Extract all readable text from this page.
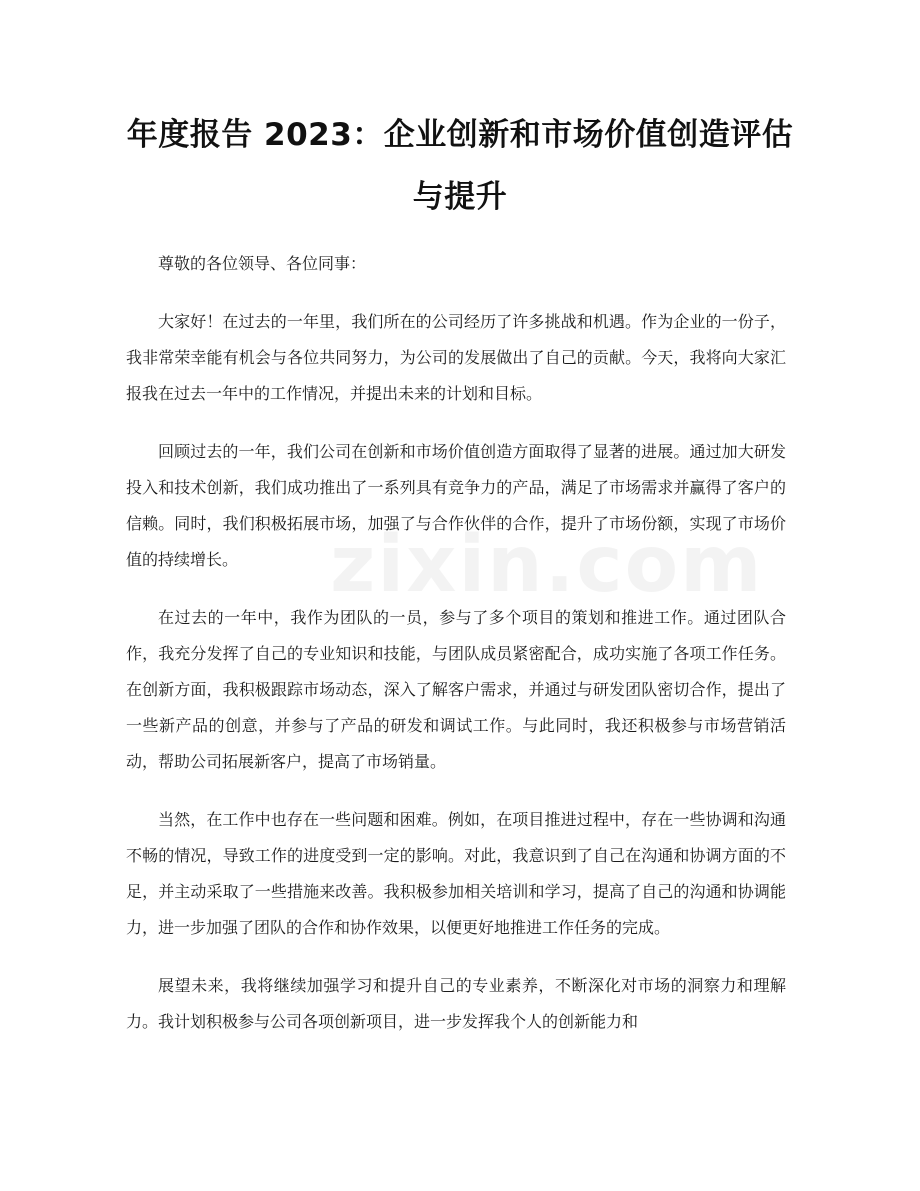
年度报告 2023：企业创新和市场价值创造评估与提升

尊敬的各位领导、各位同事：

大家好！在过去的一年里，我们所在的公司经历了许多挑战和机遇。作为企业的一份子，我非常荣幸能有机会与各位共同努力，为公司的发展做出了自己的贡献。今天，我将向大家汇报我在过去一年中的工作情况，并提出未来的计划和目标。

回顾过去的一年，我们公司在创新和市场价值创造方面取得了显著的进展。通过加大研发投入和技术创新，我们成功推出了一系列具有竞争力的产品，满足了市场需求并赢得了客户的信赖。同时，我们积极拓展市场，加强了与合作伙伴的合作，提升了市场份额，实现了市场价值的持续增长。

在过去的一年中，我作为团队的一员，参与了多个项目的策划和推进工作。通过团队合作，我充分发挥了自己的专业知识和技能，与团队成员紧密配合，成功实施了各项工作任务。在创新方面，我积极跟踪市场动态，深入了解客户需求，并通过与研发团队密切合作，提出了一些新产品的创意，并参与了产品的研发和调试工作。与此同时，我还积极参与市场营销活动，帮助公司拓展新客户，提高了市场销量。

当然，在工作中也存在一些问题和困难。例如，在项目推进过程中，存在一些协调和沟通不畅的情况，导致工作的进度受到一定的影响。对此，我意识到了自己在沟通和协调方面的不足，并主动采取了一些措施来改善。我积极参加相关培训和学习，提高了自己的沟通和协调能力，进一步加强了团队的合作和协作效果，以便更好地推进工作任务的完成。

展望未来，我将继续加强学习和提升自己的专业素养，不断深化对市场的洞察力和理解力。我计划积极参与公司各项创新项目，进一步发挥我个人的创新能力和
